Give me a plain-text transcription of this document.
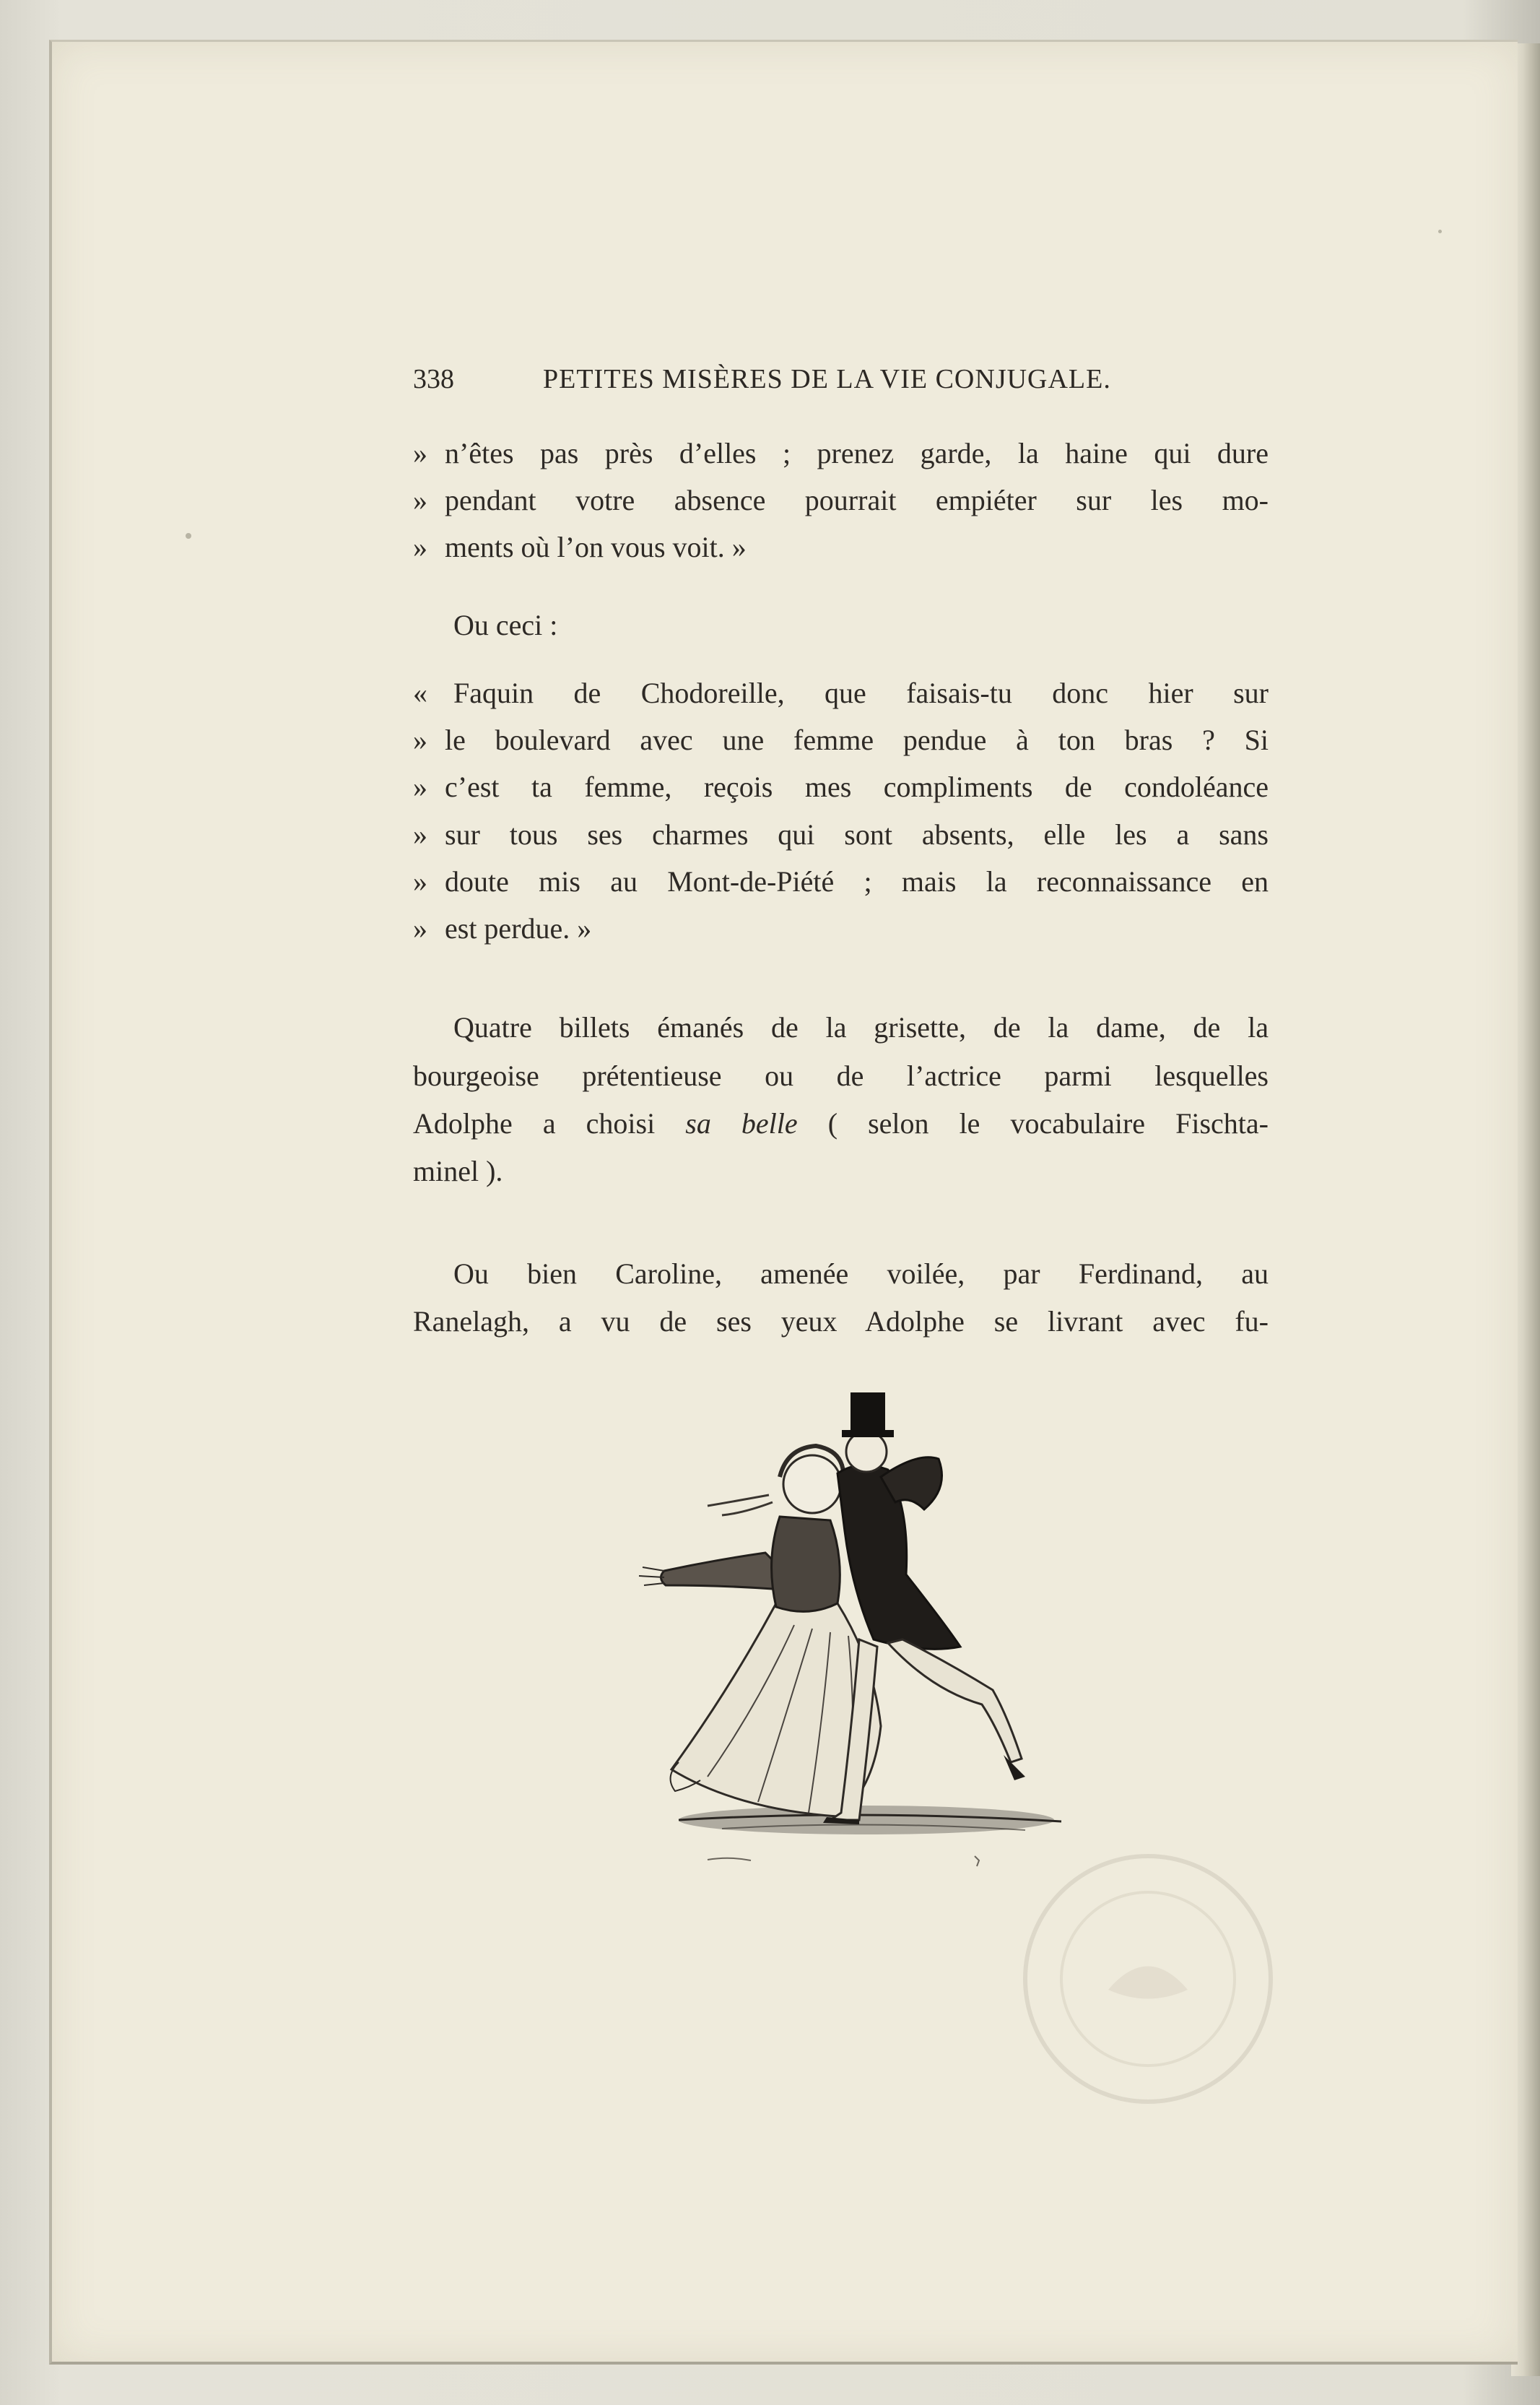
338	PETITES MISÈRES DE LA VIE CONJUGALE.
» n’êtes pas près d’elles ; prenez garde, la haine qui dure
» pendant votre absence pourrait empiéter sur les mo-
» ments où l’on vous voit. »
Ou ceci :
« Faquin de Chodoreille, que faisais-tu donc hier sur
» le boulevard avec une femme pendue à ton bras ? Si
» c’est ta femme, reçois mes compliments de condoléance
» sur tous ses charmes qui sont absents, elle les a sans
» doute mis au Mont-de-Piété ; mais la reconnaissance en
» est perdue. »
Quatre billets émanés de la grisette, de la dame, de la
bourgeoise prétentieuse ou de l’actrice parmi lesquelles
Adolphe a choisi sa belle ( selon le vocabulaire Fischta-
minel ).
Ou bien Caroline, amenée voilée, par Ferdinand, au
Ranelagh, a vu de ses yeux Adolphe se livrant avec fu-
